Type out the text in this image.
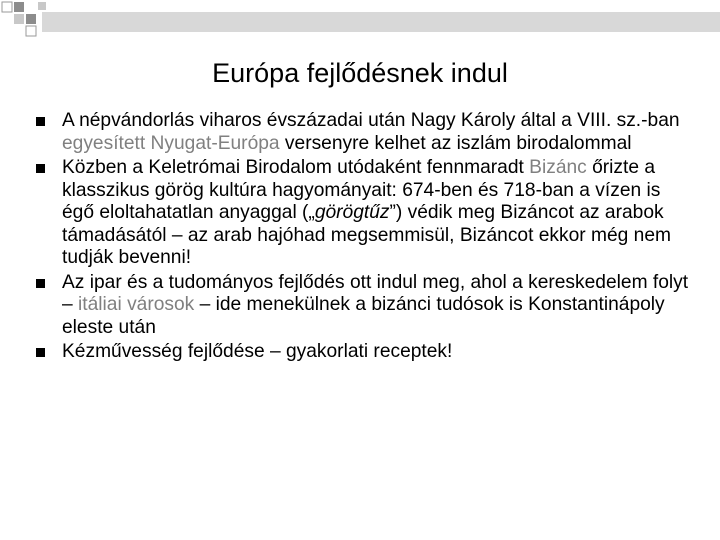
Európa fejlődésnek indul
A népvándorlás viharos évszázadai után Nagy Károly által a VIII. sz.-ban egyesített Nyugat-Európa versenyre kelhet az iszlám birodalommal
Közben a Keletrómai Birodalom utódaként fennmaradt Bizánc őrizte a klasszikus görög kultúra hagyományait: 674-ben és 718-ban a vízen is égő eloltahatatlan anyaggal („görögtűz”) védik meg Bizáncot az arabok támadásától – az arab hajóhad megsemmisül, Bizáncot ekkor még nem tudják bevenni!
Az ipar és a tudományos fejlődés ott indul meg, ahol a kereskedelem folyt – itáliai városok – ide menekülnek a bizánci tudósok is Konstantinápoly eleste után
Kézművesség fejlődése – gyakorlati receptek!
